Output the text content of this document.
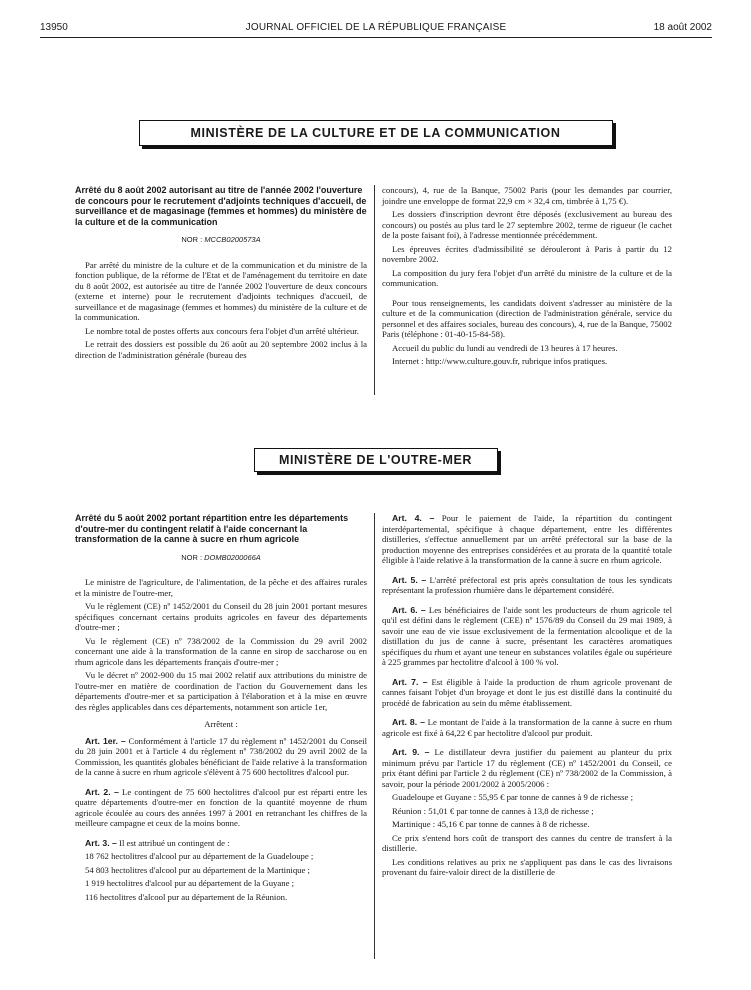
13950	JOURNAL OFFICIEL DE LA RÉPUBLIQUE FRANÇAISE	18 août 2002
MINISTÈRE DE LA CULTURE ET DE LA COMMUNICATION

Arrêté du 8 août 2002 autorisant au titre de l'année 2002 l'ouverture de concours pour le recrutement d'adjoints techniques d'accueil, de surveillance et de magasinage (femmes et hommes) du ministère de la culture et de la communication

NOR : MCCB0200573A

Par arrêté du ministre de la culture et de la communication et du ministre de la fonction publique, de la réforme de l'Etat et de l'aménagement du territoire en date du 8 août 2002, est autorisée au titre de l'année 2002 l'ouverture de deux concours (externe et interne) pour le recrutement d'adjoints techniques d'accueil, de surveillance et de magasinage (femmes et hommes) du ministère de la culture et de la communication.

Le nombre total de postes offerts aux concours fera l'objet d'un arrêté ultérieur.

Le retrait des dossiers est possible du 26 août au 20 septembre 2002 inclus à la direction de l'administration générale (bureau des

concours), 4, rue de la Banque, 75002 Paris (pour les demandes par courrier, joindre une enveloppe de format 22,9 cm × 32,4 cm, timbrée à 1,75 €).

Les dossiers d'inscription devront être déposés (exclusivement au bureau des concours) ou postés au plus tard le 27 septembre 2002, terme de rigueur (le cachet de la poste faisant foi), à l'adresse mentionnée précédemment.

Les épreuves écrites d'admissibilité se dérouleront à Paris à partir du 12 novembre 2002.

La composition du jury fera l'objet d'un arrêté du ministre de la culture et de la communication.

Pour tous renseignements, les candidats doivent s'adresser au ministère de la culture et de la communication (direction de l'administration générale, service du personnel et des affaires sociales, bureau des concours), 4, rue de la Banque, 75002 Paris (téléphone : 01-40-15-84-58).

Accueil du public du lundi au vendredi de 13 heures à 17 heures.

Internet : http://www.culture.gouv.fr, rubrique infos pratiques.

MINISTÈRE DE L'OUTRE-MER

Arrêté du 5 août 2002 portant répartition entre les départements d'outre-mer du contingent relatif à l'aide concernant la transformation de la canne à sucre en rhum agricole

NOR : DOMB0200066A

Le ministre de l'agriculture, de l'alimentation, de la pêche et des affaires rurales et la ministre de l'outre-mer,

Vu le règlement (CE) nº 1452/2001 du Conseil du 28 juin 2001 portant mesures spécifiques concernant certains produits agricoles en faveur des départements d'outre-mer ;

Vu le règlement (CE) nº 738/2002 de la Commission du 29 avril 2002 concernant une aide à la transformation de la canne en sirop de saccharose ou en rhum agricole dans les départements français d'outre-mer ;

Vu le décret nº 2002-900 du 15 mai 2002 relatif aux attributions du ministre de l'outre-mer en matière de coordination de l'action du Gouvernement dans les départements d'outre-mer et sa participation à l'élaboration et à la mise en œuvre des règles applicables dans ces départements, notamment son article 1er,

Arrêtent :

Art. 1er. – Conformément à l'article 17 du règlement nº 1452/2001 du Conseil du 28 juin 2001 et à l'article 4 du règlement nº 738/2002 du 29 avril 2002 de la Commission, les quantités globales bénéficiant de l'aide relative à la transformation de la canne à sucre en rhum agricole s'élèvent à 75 600 hectolitres d'alcool pur.

Art. 2. – Le contingent de 75 600 hectolitres d'alcool pur est réparti entre les quatre départements d'outre-mer en fonction de la quantité moyenne de rhum agricole écoulée au cours des années 1997 à 2001 en retranchant les chiffres de la meilleure campagne et ceux de la moins bonne.

Art. 3. – Il est attribué un contingent de :

18 762 hectolitres d'alcool pur au département de la Guadeloupe ;

54 803 hectolitres d'alcool pur au département de la Martinique ;

1 919 hectolitres d'alcool pur au département de la Guyane ;

116 hectolitres d'alcool pur au département de la Réunion.

Art. 4. – Pour le paiement de l'aide, la répartition du contingent interdépartemental, spécifique à chaque département, entre les différentes distilleries, s'effectue annuellement par un arrêté préfectoral sur la base de la production moyenne des entreprises considérées et au prorata de la quantité totale éligible à l'aide relative à la transformation de la canne à sucre en rhum agricole.

Art. 5. – L'arrêté préfectoral est pris après consultation de tous les syndicats représentant la profession rhumière dans le département considéré.

Art. 6. – Les bénéficiaires de l'aide sont les producteurs de rhum agricole tel qu'il est défini dans le règlement (CEE) nº 1576/89 du Conseil du 29 mai 1989, à savoir une eau de vie issue exclusivement de la fermentation alcoolique et de la distillation du jus de canne à sucre, présentant les caractères aromatiques spécifiques du rhum et ayant une teneur en substances volatiles égale ou supérieure à 225 grammes par hectolitre d'alcool à 100 % vol.

Art. 7. – Est éligible à l'aide la production de rhum agricole provenant de cannes faisant l'objet d'un broyage et dont le jus est distillé dans la continuité du procédé de fabrication au sein du même établissement.

Art. 8. – Le montant de l'aide à la transformation de la canne à sucre en rhum agricole est fixé à 64,22 € par hectolitre d'alcool pur produit.

Art. 9. – Le distillateur devra justifier du paiement au planteur du prix minimum prévu par l'article 17 du règlement (CE) nº 1452/2001 du Conseil, ce prix étant défini par l'article 2 du règlement (CE) nº 738/2002 de la Commission, à savoir, pour la période 2001/2002 à 2005/2006 :

Guadeloupe et Guyane : 55,95 € par tonne de cannes à 9 de richesse ;

Réunion : 51,01 € par tonne de cannes à 13,8 de richesse ;

Martinique : 45,16 € par tonne de cannes à 8 de richesse.

Ce prix s'entend hors coût de transport des cannes du centre de transfert à la distillerie.

Les conditions relatives au prix ne s'appliquent pas dans le cas des livraisons provenant du faire-valoir direct de la distillerie de
